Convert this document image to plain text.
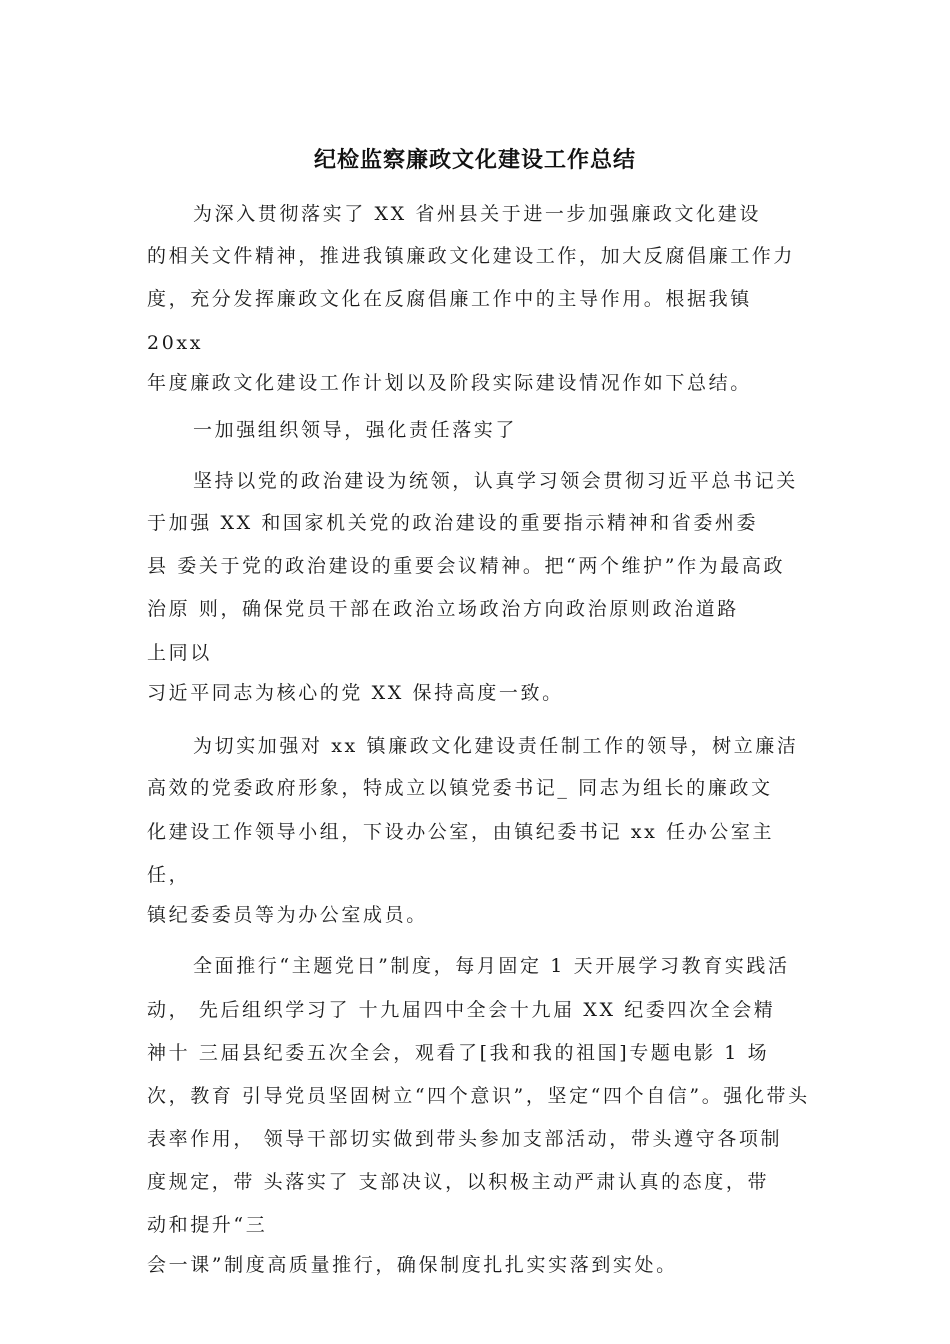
纪检监察廉政文化建设工作总结
为深入贯彻落实了 XX 省州县关于进一步加强廉政文化建设
的相关文件精神，推进我镇廉政文化建设工作，加大反腐倡廉工作力
度，充分发挥廉政文化在反腐倡廉工作中的主导作用。根据我镇
20xx
年度廉政文化建设工作计划以及阶段实际建设情况作如下总结。
一加强组织领导，强化责任落实了
坚持以党的政治建设为统领，认真学习领会贯彻习近平总书记关
于加强 XX 和国家机关党的政治建设的重要指示精神和省委州委
县 委关于党的政治建设的重要会议精神。把“两个维护”作为最高政
治原 则，确保党员干部在政治立场政治方向政治原则政治道路
上同以
习近平同志为核心的党 XX 保持高度一致。
为切实加强对 xx 镇廉政文化建设责任制工作的领导，树立廉洁
高效的党委政府形象，特成立以镇党委书记_ 同志为组长的廉政文
化建设工作领导小组，下设办公室，由镇纪委书记 xx 任办公室主
任，
镇纪委委员等为办公室成员。
全面推行“主题党日”制度，每月固定 1 天开展学习教育实践活
动， 先后组织学习了 十九届四中全会十九届 XX 纪委四次全会精
神十 三届县纪委五次全会，观看了[我和我的祖国]专题电影 1 场
次，教育 引导党员坚固树立“四个意识”，坚定“四个自信”。强化带头
表率作用， 领导干部切实做到带头参加支部活动，带头遵守各项制
度规定，带 头落实了 支部决议，以积极主动严肃认真的态度，带
动和提升“三
会一课”制度高质量推行，确保制度扎扎实实落到实处。
